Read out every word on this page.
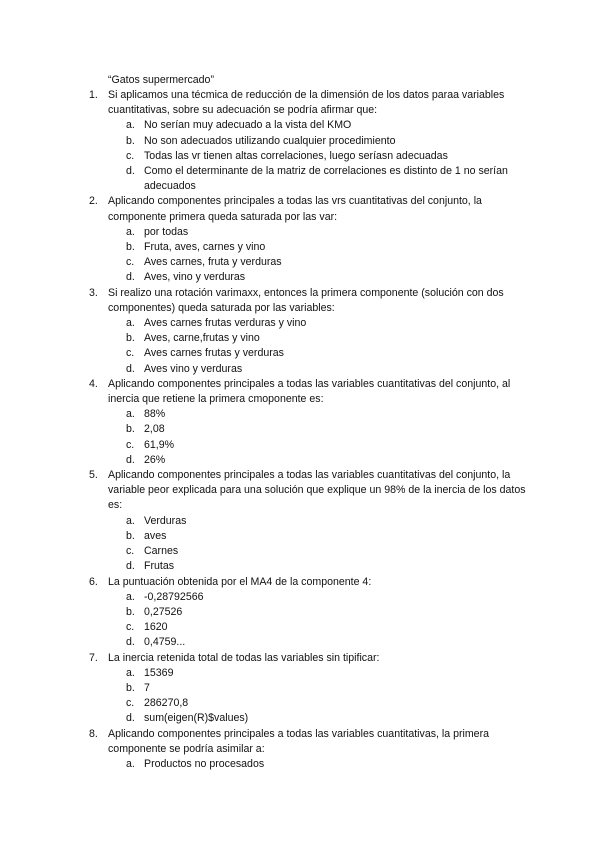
“Gatos supermercado”
1. Si aplicamos una técmica de reducción de la dimensión de los datos paraa variables cuantitativas, sobre su adecuación se podría afirmar que:
a. No serían muy adecuado a la vista del KMO
b. No son adecuados utilizando cualquier procedimiento
c. Todas las vr tienen altas correlaciones, luego seríasn adecuadas
d. Como el determinante de la matriz de correlaciones es distinto de 1 no serían adecuados
2. Aplicando componentes principales a todas las vrs cuantitativas del conjunto, la componente primera queda saturada por las var:
a. por todas
b. Fruta, aves, carnes y vino
c. Aves carnes, fruta y verduras
d. Aves, vino y verduras
3. Si realizo una rotación varimaxx, entonces la primera componente (solución con dos componentes) queda saturada por las variables:
a. Aves carnes frutas verduras y vino
b. Aves, carne,frutas y vino
c. Aves carnes frutas y verduras
d. Aves vino y verduras
4. Aplicando componentes principales a todas las variables cuantitativas del conjunto, al inercia que retiene la primera cmoponente es:
a. 88%
b. 2,08
c. 61,9%
d. 26%
5. Aplicando componentes principales a todas las variables cuantitativas del conjunto, la variable peor explicada para una solución que explique un 98% de la inercia de los datos es:
a. Verduras
b. aves
c. Carnes
d. Frutas
6. La puntuación obtenida por el MA4 de la componente 4:
a. -0,28792566
b. 0,27526
c. 1620
d. 0,4759...
7. La inercia retenida total de todas las variables sin tipificar:
a. 15369
b. 7
c. 286270,8
d. sum(eigen(R)$values)
8. Aplicando componentes principales a todas las variables cuantitativas, la primera componente se podría asimilar a:
a. Productos no procesados
